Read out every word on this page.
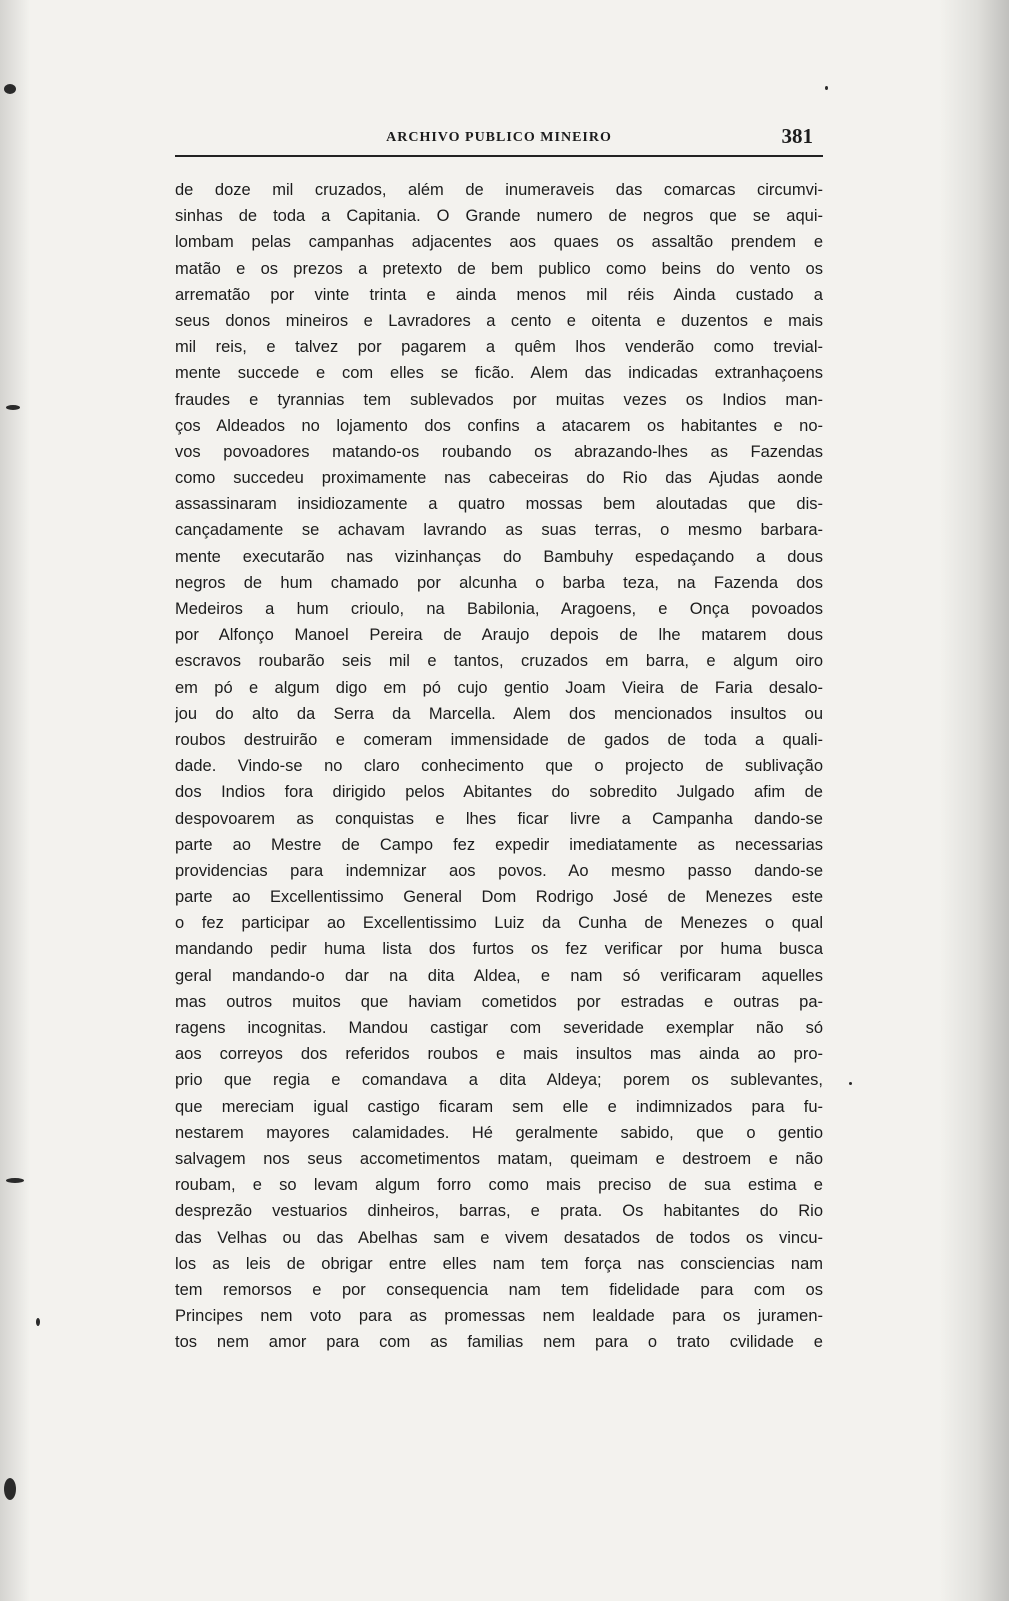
ARCHIVO PUBLICO MINEIRO	381
de doze mil cruzados, além de inumeraveis das comarcas circumvi-
sinhas de toda a Capitania. O Grande numero de negros que se aqui-
lombam pelas campanhas adjacentes aos quaes os assaltão prendem e
matão e os prezos a pretexto de bem publico como beins do vento os
arrematão por vinte trinta e ainda menos mil réis Ainda custado a
seus donos mineiros e Lavradores a cento e oitenta e duzentos e mais
mil reis, e talvez por pagarem a quêm lhos venderão como trevial-
mente succede e com elles se ficão. Alem das indicadas extranhaçoens
fraudes e tyrannias tem sublevados por muitas vezes os Indios man-
ços Aldeados no lojamento dos confins a atacarem os habitantes e no-
vos povoadores matando-os roubando os abrazando-lhes as Fazendas
como succedeu proximamente nas cabeceiras do Rio das Ajudas aonde
assassinaram insidiozamente a quatro mossas bem aloutadas que dis-
cançadamente se achavam lavrando as suas terras, o mesmo barbara-
mente executarão nas vizinhanças do Bambuhy espedaçando a dous
negros de hum chamado por alcunha o barba teza, na Fazenda dos
Medeiros a hum crioulo, na Babilonia, Aragoens, e Onça povoados
por Alfonço Manoel Pereira de Araujo depois de lhe matarem dous
escravos roubarão seis mil e tantos, cruzados em barra, e algum oiro
em pó e algum digo em pó cujo gentio Joam Vieira de Faria desalo-
jou do alto da Serra da Marcella. Alem dos mencionados insultos ou
roubos destruirão e comeram immensidade de gados de toda a quali-
dade. Vindo-se no claro conhecimento que o projecto de sublivação
dos Indios fora dirigido pelos Abitantes do sobredito Julgado afim de
despovoarem as conquistas e lhes ficar livre a Campanha dando-se
parte ao Mestre de Campo fez expedir imediatamente as necessarias
providencias para indemnizar aos povos. Ao mesmo passo dando-se
parte ao Excellentissimo General Dom Rodrigo José de Menezes este
o fez participar ao Excellentissimo Luiz da Cunha de Menezes o qual
mandando pedir huma lista dos furtos os fez verificar por huma busca
geral mandando-o dar na dita Aldea, e nam só verificaram aquelles
mas outros muitos que haviam cometidos por estradas e outras pa-
ragens incognitas. Mandou castigar com severidade exemplar não só
aos correyos dos referidos roubos e mais insultos mas ainda ao pro-
prio que regia e comandava a dita Aldeya; porem os sublevantes,
que mereciam igual castigo ficaram sem elle e indimnizados para fu-
nestarem mayores calamidades. Hé geralmente sabido, que o gentio
salvagem nos seus accometimentos matam, queimam e destroem e não
roubam, e so levam algum forro como mais preciso de sua estima e
desprezão vestuarios dinheiros, barras, e prata. Os habitantes do Rio
das Velhas ou das Abelhas sam e vivem desatados de todos os vincu-
los as leis de obrigar entre elles nam tem força nas consciencias nam
tem remorsos e por consequencia nam tem fidelidade para com os
Principes nem voto para as promessas nem lealdade para os juramen-
tos nem amor para com as familias nem para o trato cvilidade e
